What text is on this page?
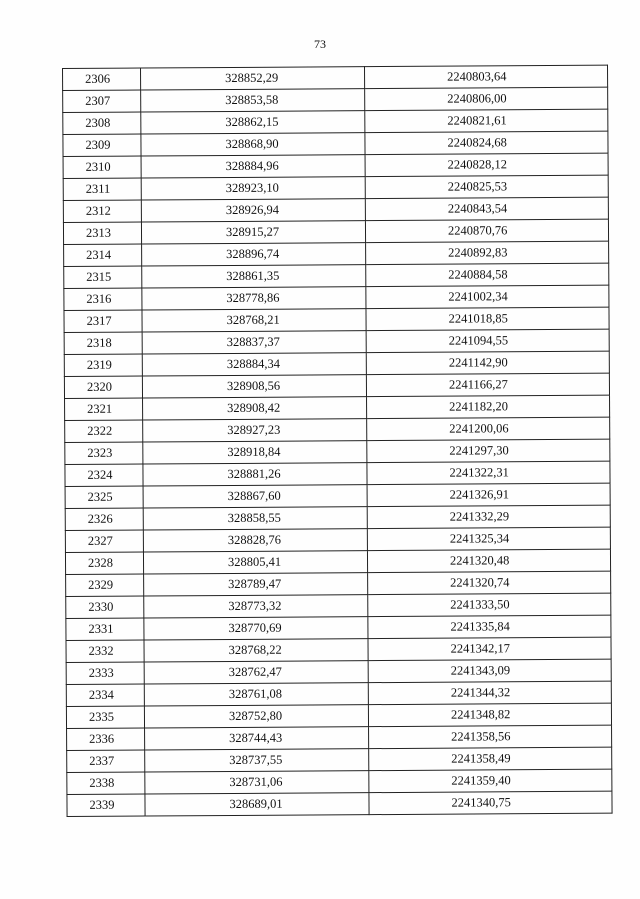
73
2306	328852,29	2240803,64
2307	328853,58	2240806,00
2308	328862,15	2240821,61
2309	328868,90	2240824,68
2310	328884,96	2240828,12
2311	328923,10	2240825,53
2312	328926,94	2240843,54
2313	328915,27	2240870,76
2314	328896,74	2240892,83
2315	328861,35	2240884,58
2316	328778,86	2241002,34
2317	328768,21	2241018,85
2318	328837,37	2241094,55
2319	328884,34	2241142,90
2320	328908,56	2241166,27
2321	328908,42	2241182,20
2322	328927,23	2241200,06
2323	328918,84	2241297,30
2324	328881,26	2241322,31
2325	328867,60	2241326,91
2326	328858,55	2241332,29
2327	328828,76	2241325,34
2328	328805,41	2241320,48
2329	328789,47	2241320,74
2330	328773,32	2241333,50
2331	328770,69	2241335,84
2332	328768,22	2241342,17
2333	328762,47	2241343,09
2334	328761,08	2241344,32
2335	328752,80	2241348,82
2336	328744,43	2241358,56
2337	328737,55	2241358,49
2338	328731,06	2241359,40
2339	328689,01	2241340,75
